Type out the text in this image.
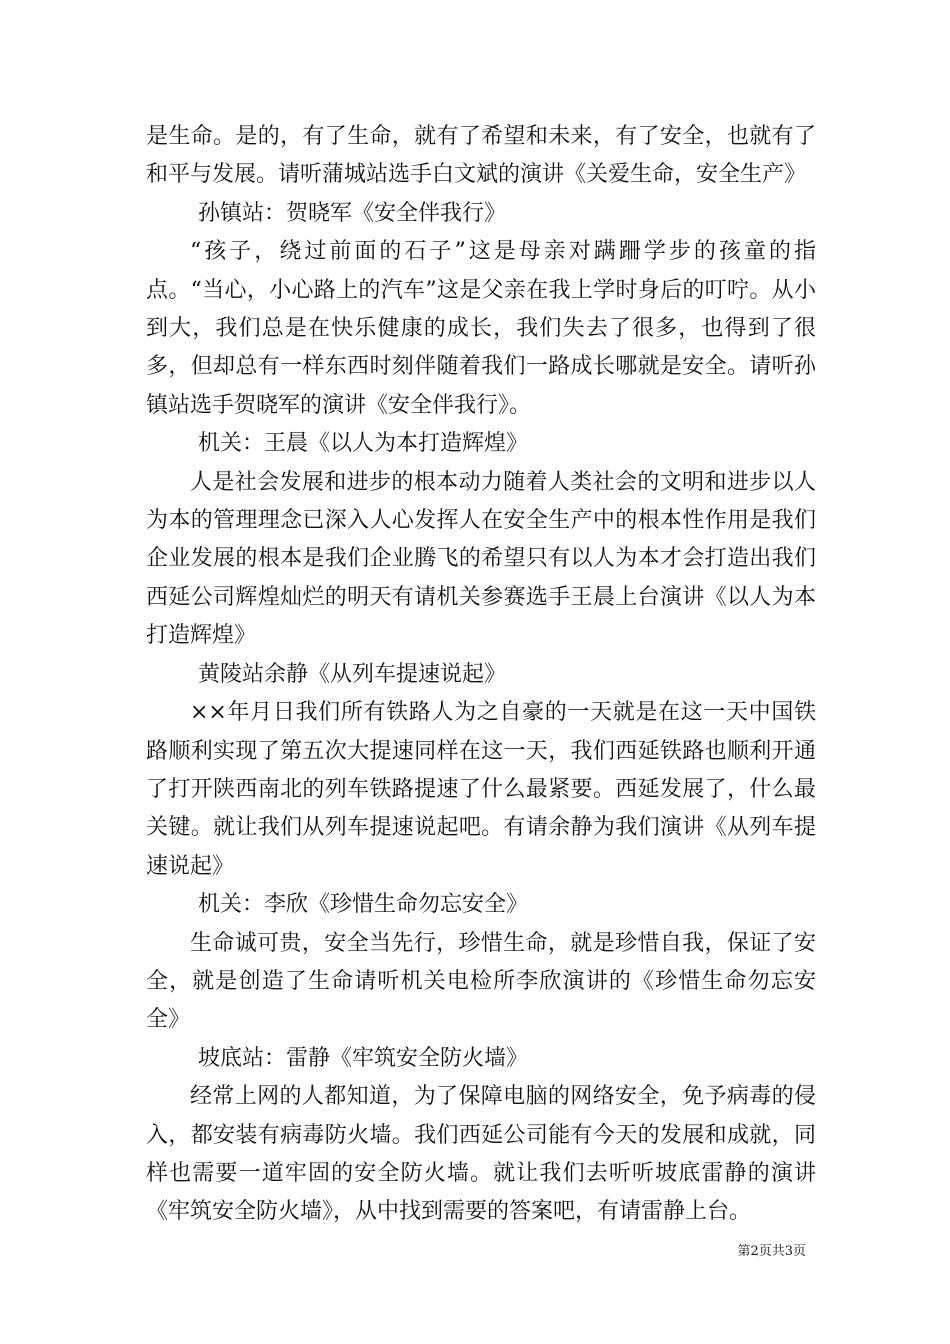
是生命。是的，有了生命，就有了希望和未来，有了安全，也就有了和平与发展。请听蒲城站选手白文斌的演讲《关爱生命，安全生产》

孙镇站：贺晓军《安全伴我行》

“孩子，绕过前面的石子”这是母亲对蹒跚学步的孩童的指点。“当心，小心路上的汽车”这是父亲在我上学时身后的叮咛。从小到大，我们总是在快乐健康的成长，我们失去了很多，也得到了很多，但却总有一样东西时刻伴随着我们一路成长哪就是安全。请听孙镇站选手贺晓军的演讲《安全伴我行》。

机关：王晨《以人为本打造辉煌》

人是社会发展和进步的根本动力随着人类社会的文明和进步以人为本的管理理念已深入人心发挥人在安全生产中的根本性作用是我们企业发展的根本是我们企业腾飞的希望只有以人为本才会打造出我们西延公司辉煌灿烂的明天有请机关参赛选手王晨上台演讲《以人为本打造辉煌》

黄陵站余静《从列车提速说起》

××年月日我们所有铁路人为之自豪的一天就是在这一天中国铁路顺利实现了第五次大提速同样在这一天，我们西延铁路也顺利开通了打开陕西南北的列车铁路提速了什么最紧要。西延发展了，什么最关键。就让我们从列车提速说起吧。有请余静为我们演讲《从列车提速说起》

机关：李欣《珍惜生命勿忘安全》

生命诚可贵，安全当先行，珍惜生命，就是珍惜自我，保证了安全，就是创造了生命请听机关电检所李欣演讲的《珍惜生命勿忘安全》

坡底站：雷静《牢筑安全防火墙》

经常上网的人都知道，为了保障电脑的网络安全，免予病毒的侵入，都安装有病毒防火墙。我们西延公司能有今天的发展和成就，同样也需要一道牢固的安全防火墙。就让我们去听听坡底雷静的演讲《牢筑安全防火墙》，从中找到需要的答案吧，有请雷静上台。

第2页共3页
